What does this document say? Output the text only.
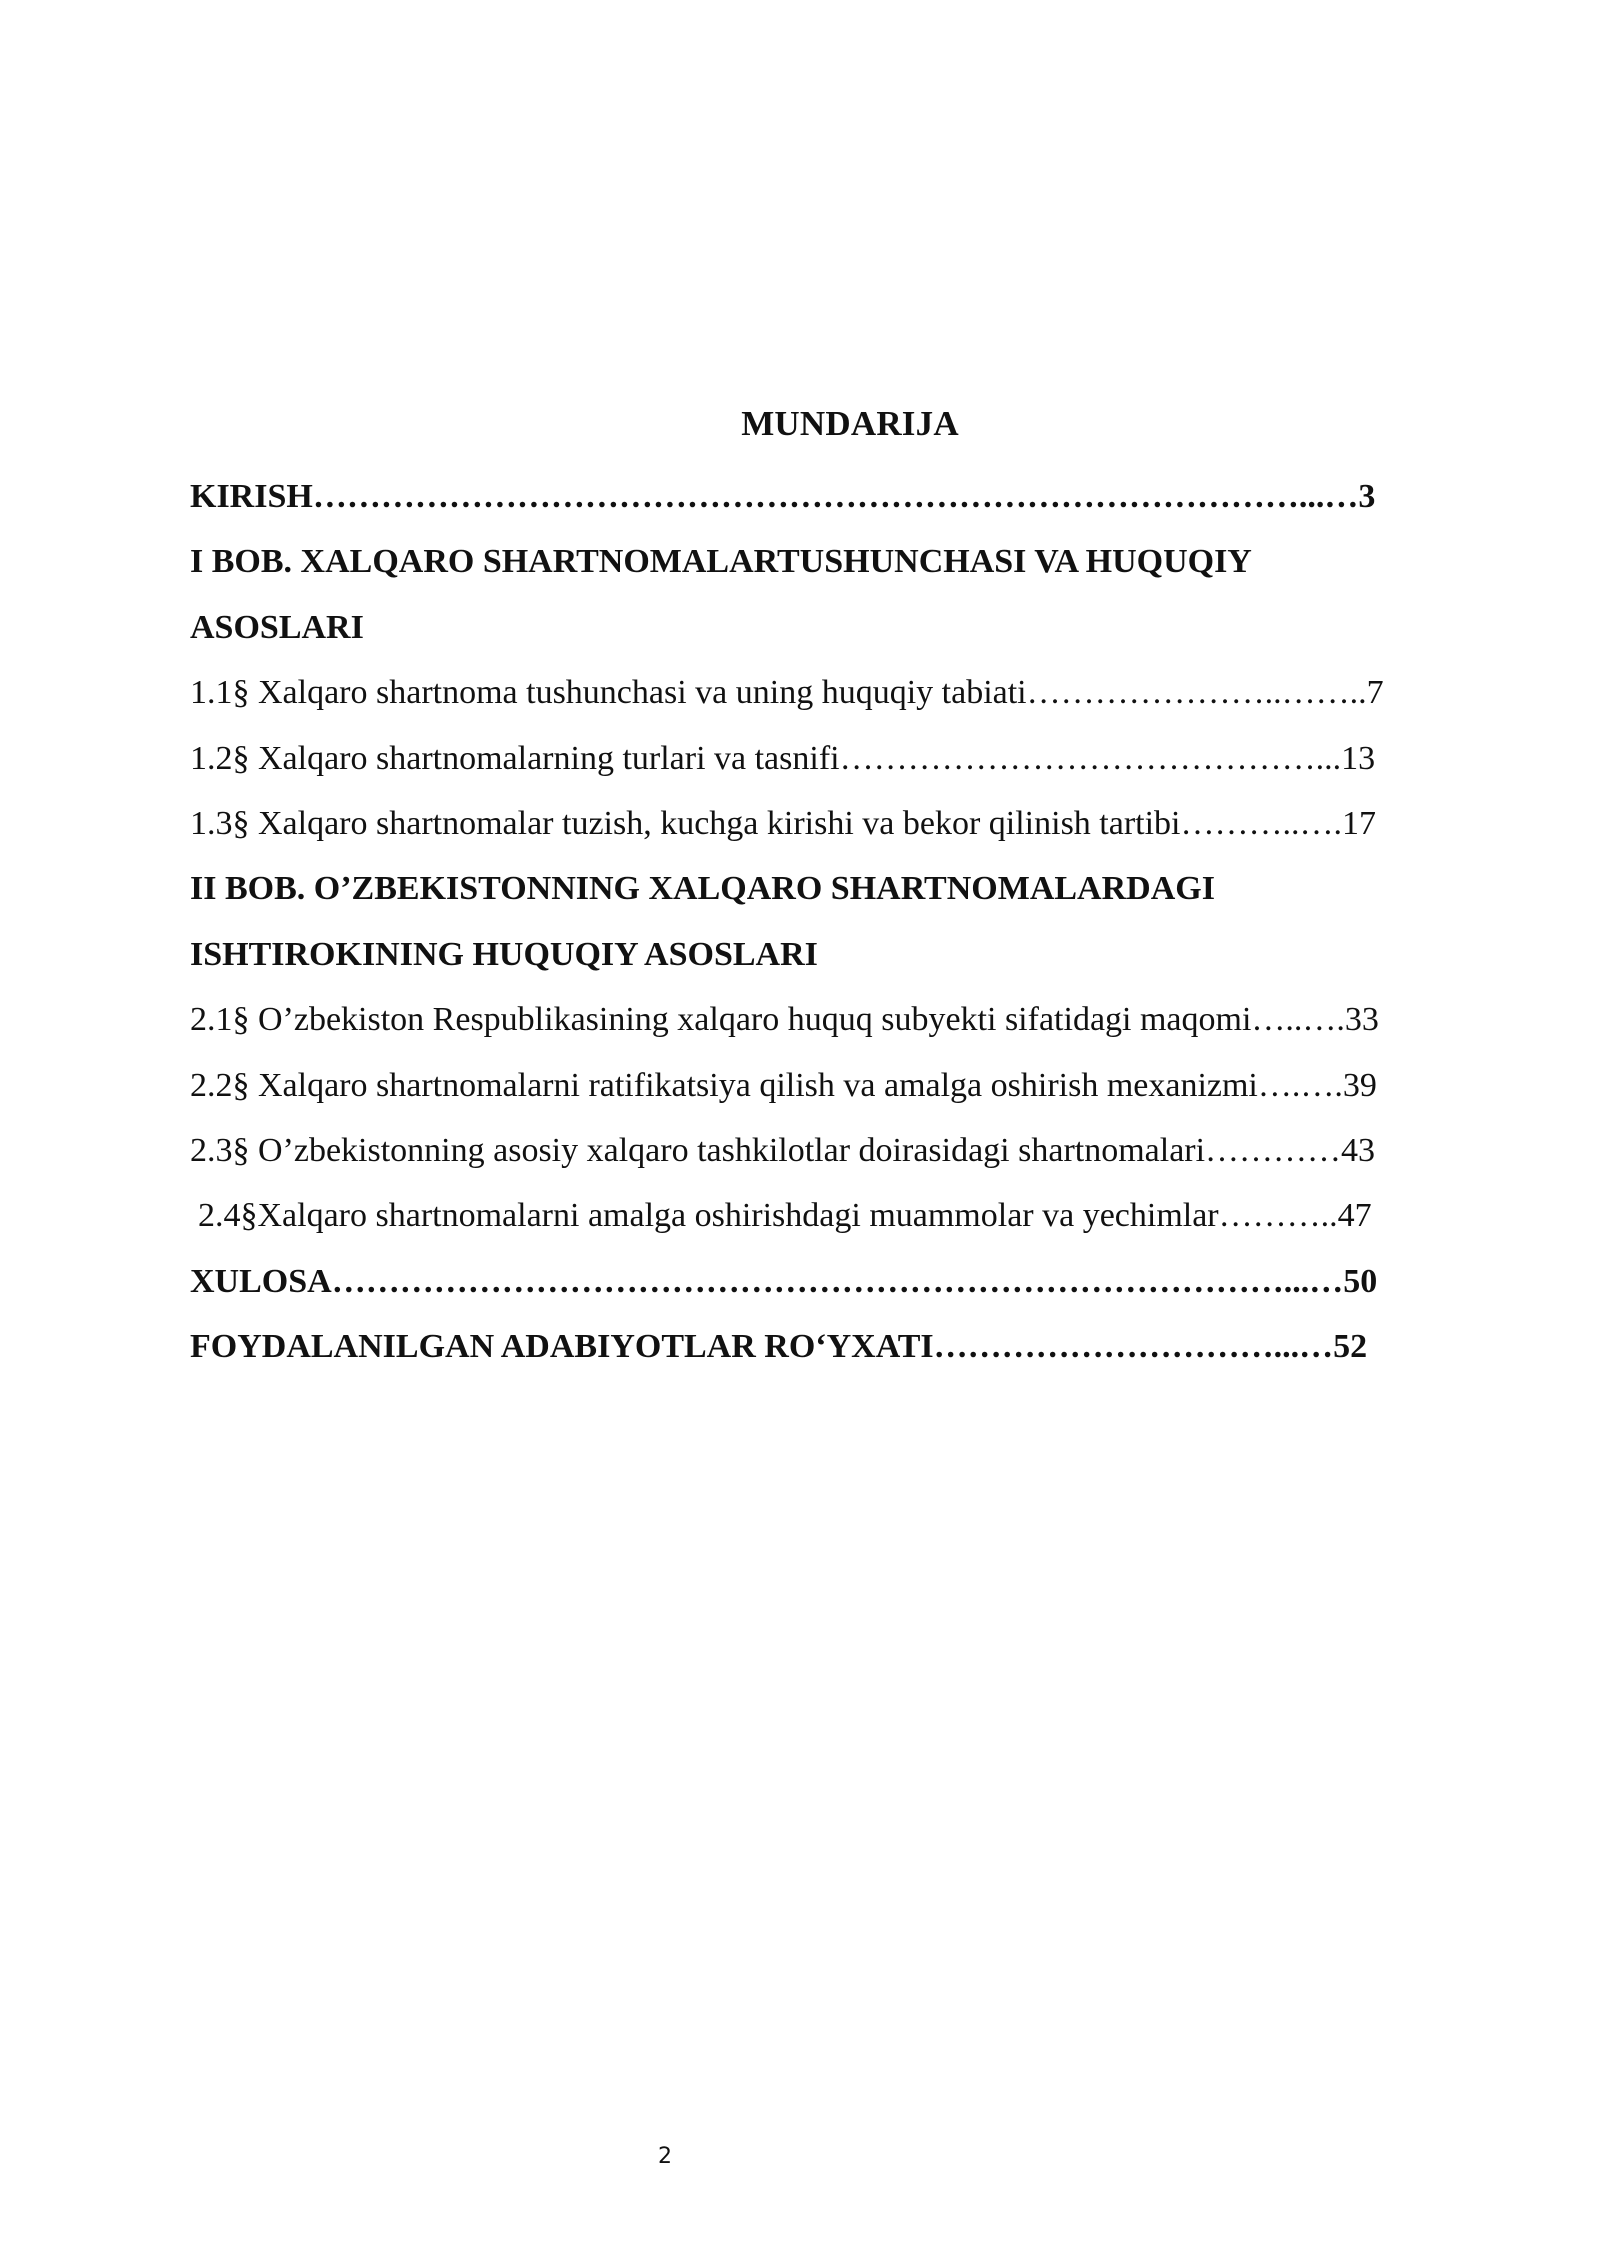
MUNDARIJA
KIRISH……………………………………………………………………………...…3
I BOB. XALQARO SHARTNOMALARTUSHUNCHASI VA HUQUQIY
ASOSLARI
1.1§ Xalqaro shartnoma tushunchasi va uning huquqiy tabiati…………………..……..7
1.2§ Xalqaro shartnomalarning turlari va tasnifi……………………………………...13
1.3§ Xalqaro shartnomalar tuzish, kuchga kirishi va bekor qilinish tartibi………..….17
II BOB. O’ZBEKISTONNING XALQARO SHARTNOMALARDAGI
ISHTIROKINING HUQUQIY ASOSLARI
2.1§ O’zbekiston Respublikasining xalqaro huquq subyekti sifatidagi maqomi…..….33
2.2§ Xalqaro shartnomalarni ratifikatsiya qilish va amalga oshirish mexanizmi….….39
2.3§ O’zbekistonning asosiy xalqaro tashkilotlar doirasidagi shartnomalari…………43
2.4§Xalqaro shartnomalarni amalga oshirishdagi muammolar va yechimlar………..47
XULOSA…………………………………………………………………………...…50
FOYDALANILGAN ADABIYOTLAR RO‘YXATI…………………………...…52
2
